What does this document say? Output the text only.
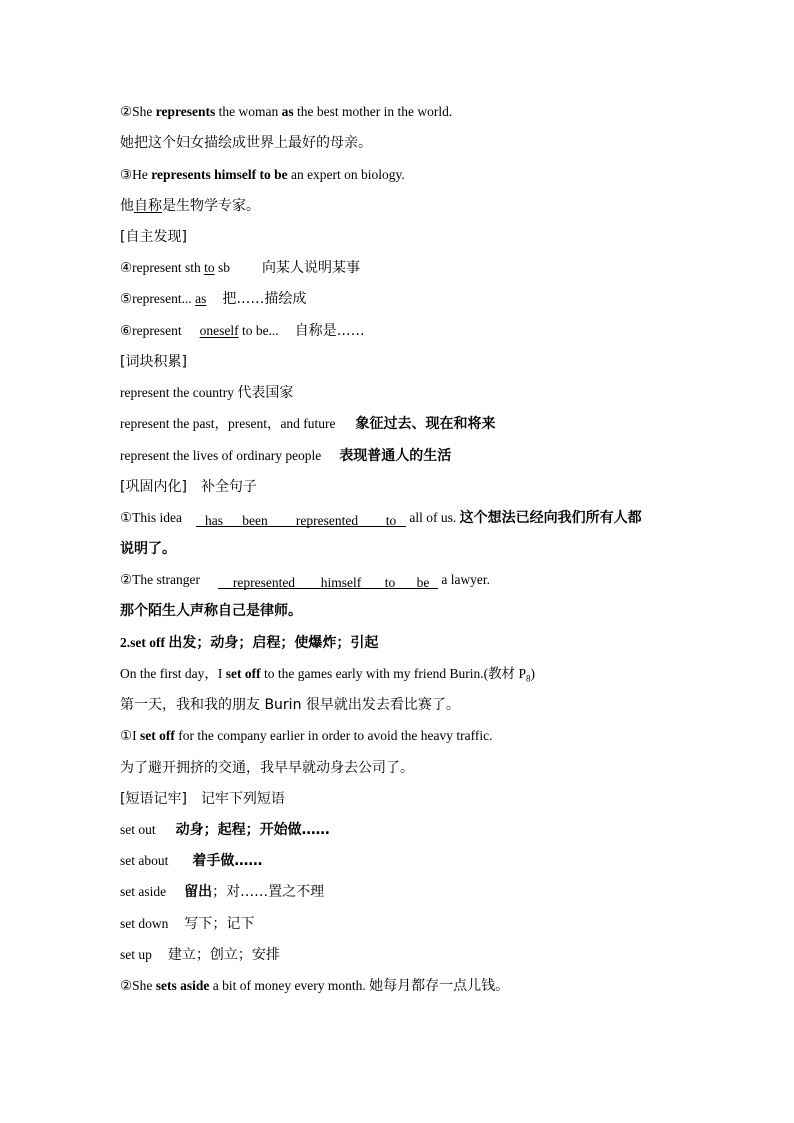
②She represents the woman as the best mother in the world.
她把这个妇女描绘成世界上最好的母亲。
③He represents himself to be an expert on biology.
他自称是生物学专家。
[自主发现]
④represent sth to sb 向某人说明某事
⑤represent... as 把……描绘成
⑥represent oneself to be... 自称是……
[词块积累]
represent the country 代表国家
represent the past，present，and future 象征过去、现在和将来
represent the lives of ordinary people 表现普通人的生活
[巩固内化] 补全句子
①This idea has been represented to all of us. 这个想法已经向我们所有人都
说明了。
②The stranger represented himself to be a lawyer.
那个陌生人声称自己是律师。
2.set off 出发；动身；启程；使爆炸；引起
On the first day，I set off to the games early with my friend Burin.(教材 $P_8$)
第一天，我和我的朋友 Burin 很早就出发去看比赛了。
①I set off for the company earlier in order to avoid the heavy traffic.
为了避开拥挤的交通，我早早就动身去公司了。
[短语记牢] 记牢下列短语
set out 动身；起程；开始做……
set about 着手做……
set aside 留出；对……置之不理
set down 写下；记下
set up 建立；创立；安排
②She sets aside a bit of money every month. 她每月都存一点儿钱。
